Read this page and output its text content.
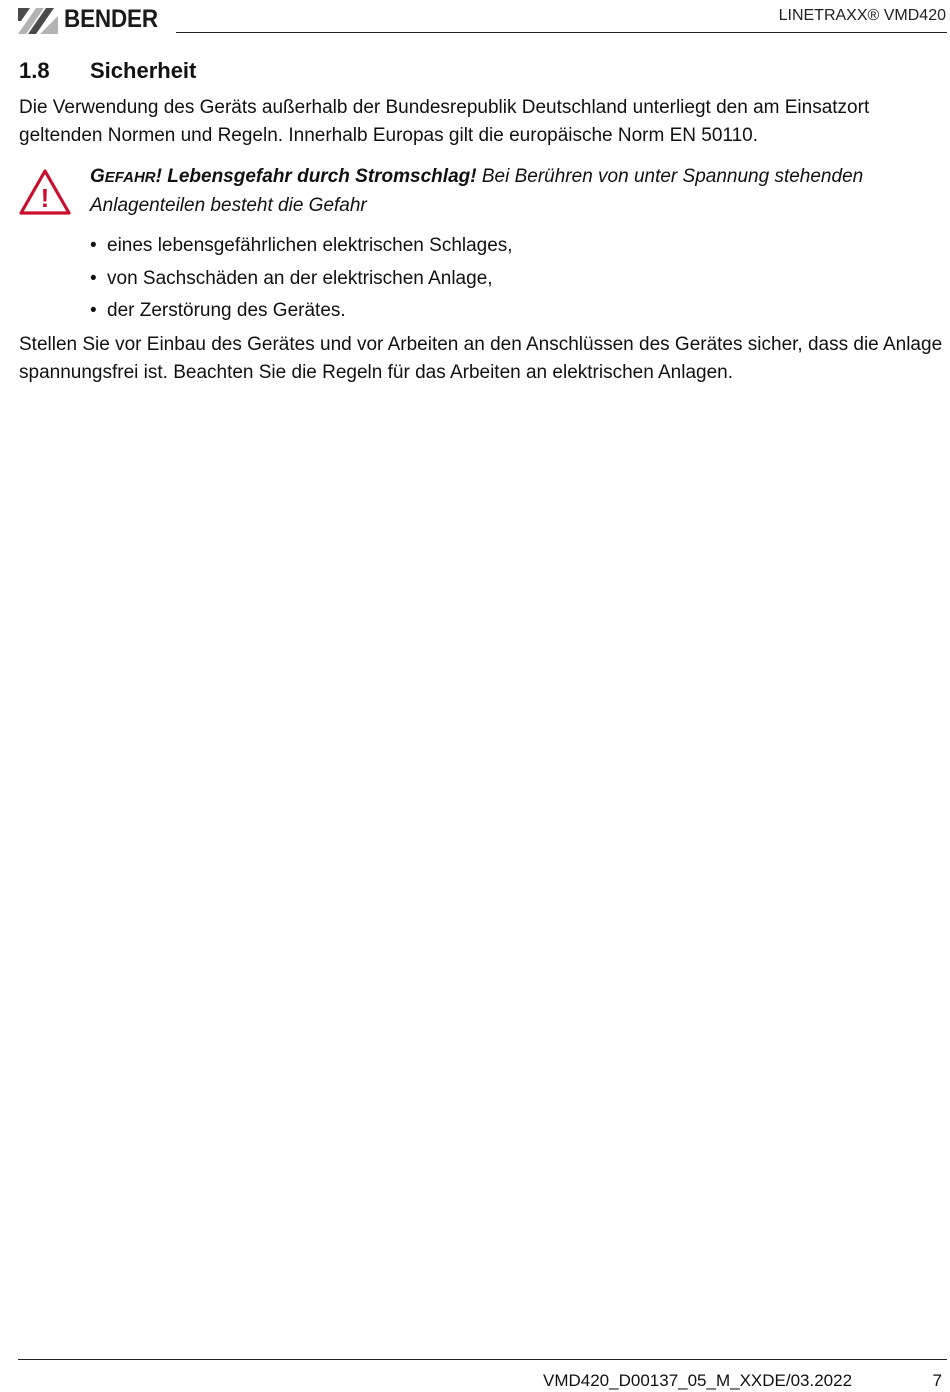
BENDER	LINETRAXX® VMD420
1.8 Sicherheit

Die Verwendung des Geräts außerhalb der Bundesrepublik Deutschland unterliegt den am Einsatzort geltenden Normen und Regeln. Innerhalb Europas gilt die europäische Norm EN 50110.

!

GEFAHR! Lebensgefahr durch Stromschlag! Bei Berühren von unter Spannung stehenden Anlagenteilen besteht die Gefahr

• eines lebensgefährlichen elektrischen Schlages,
• von Sachschäden an der elektrischen Anlage,
• der Zerstörung des Gerätes.

Stellen Sie vor Einbau des Gerätes und vor Arbeiten an den Anschlüssen des Gerätes sicher, dass die Anlage spannungsfrei ist. Beachten Sie die Regeln für das Arbeiten an elektrischen Anlagen.

VMD420_D00137_05_M_XXDE/03.2022	7
